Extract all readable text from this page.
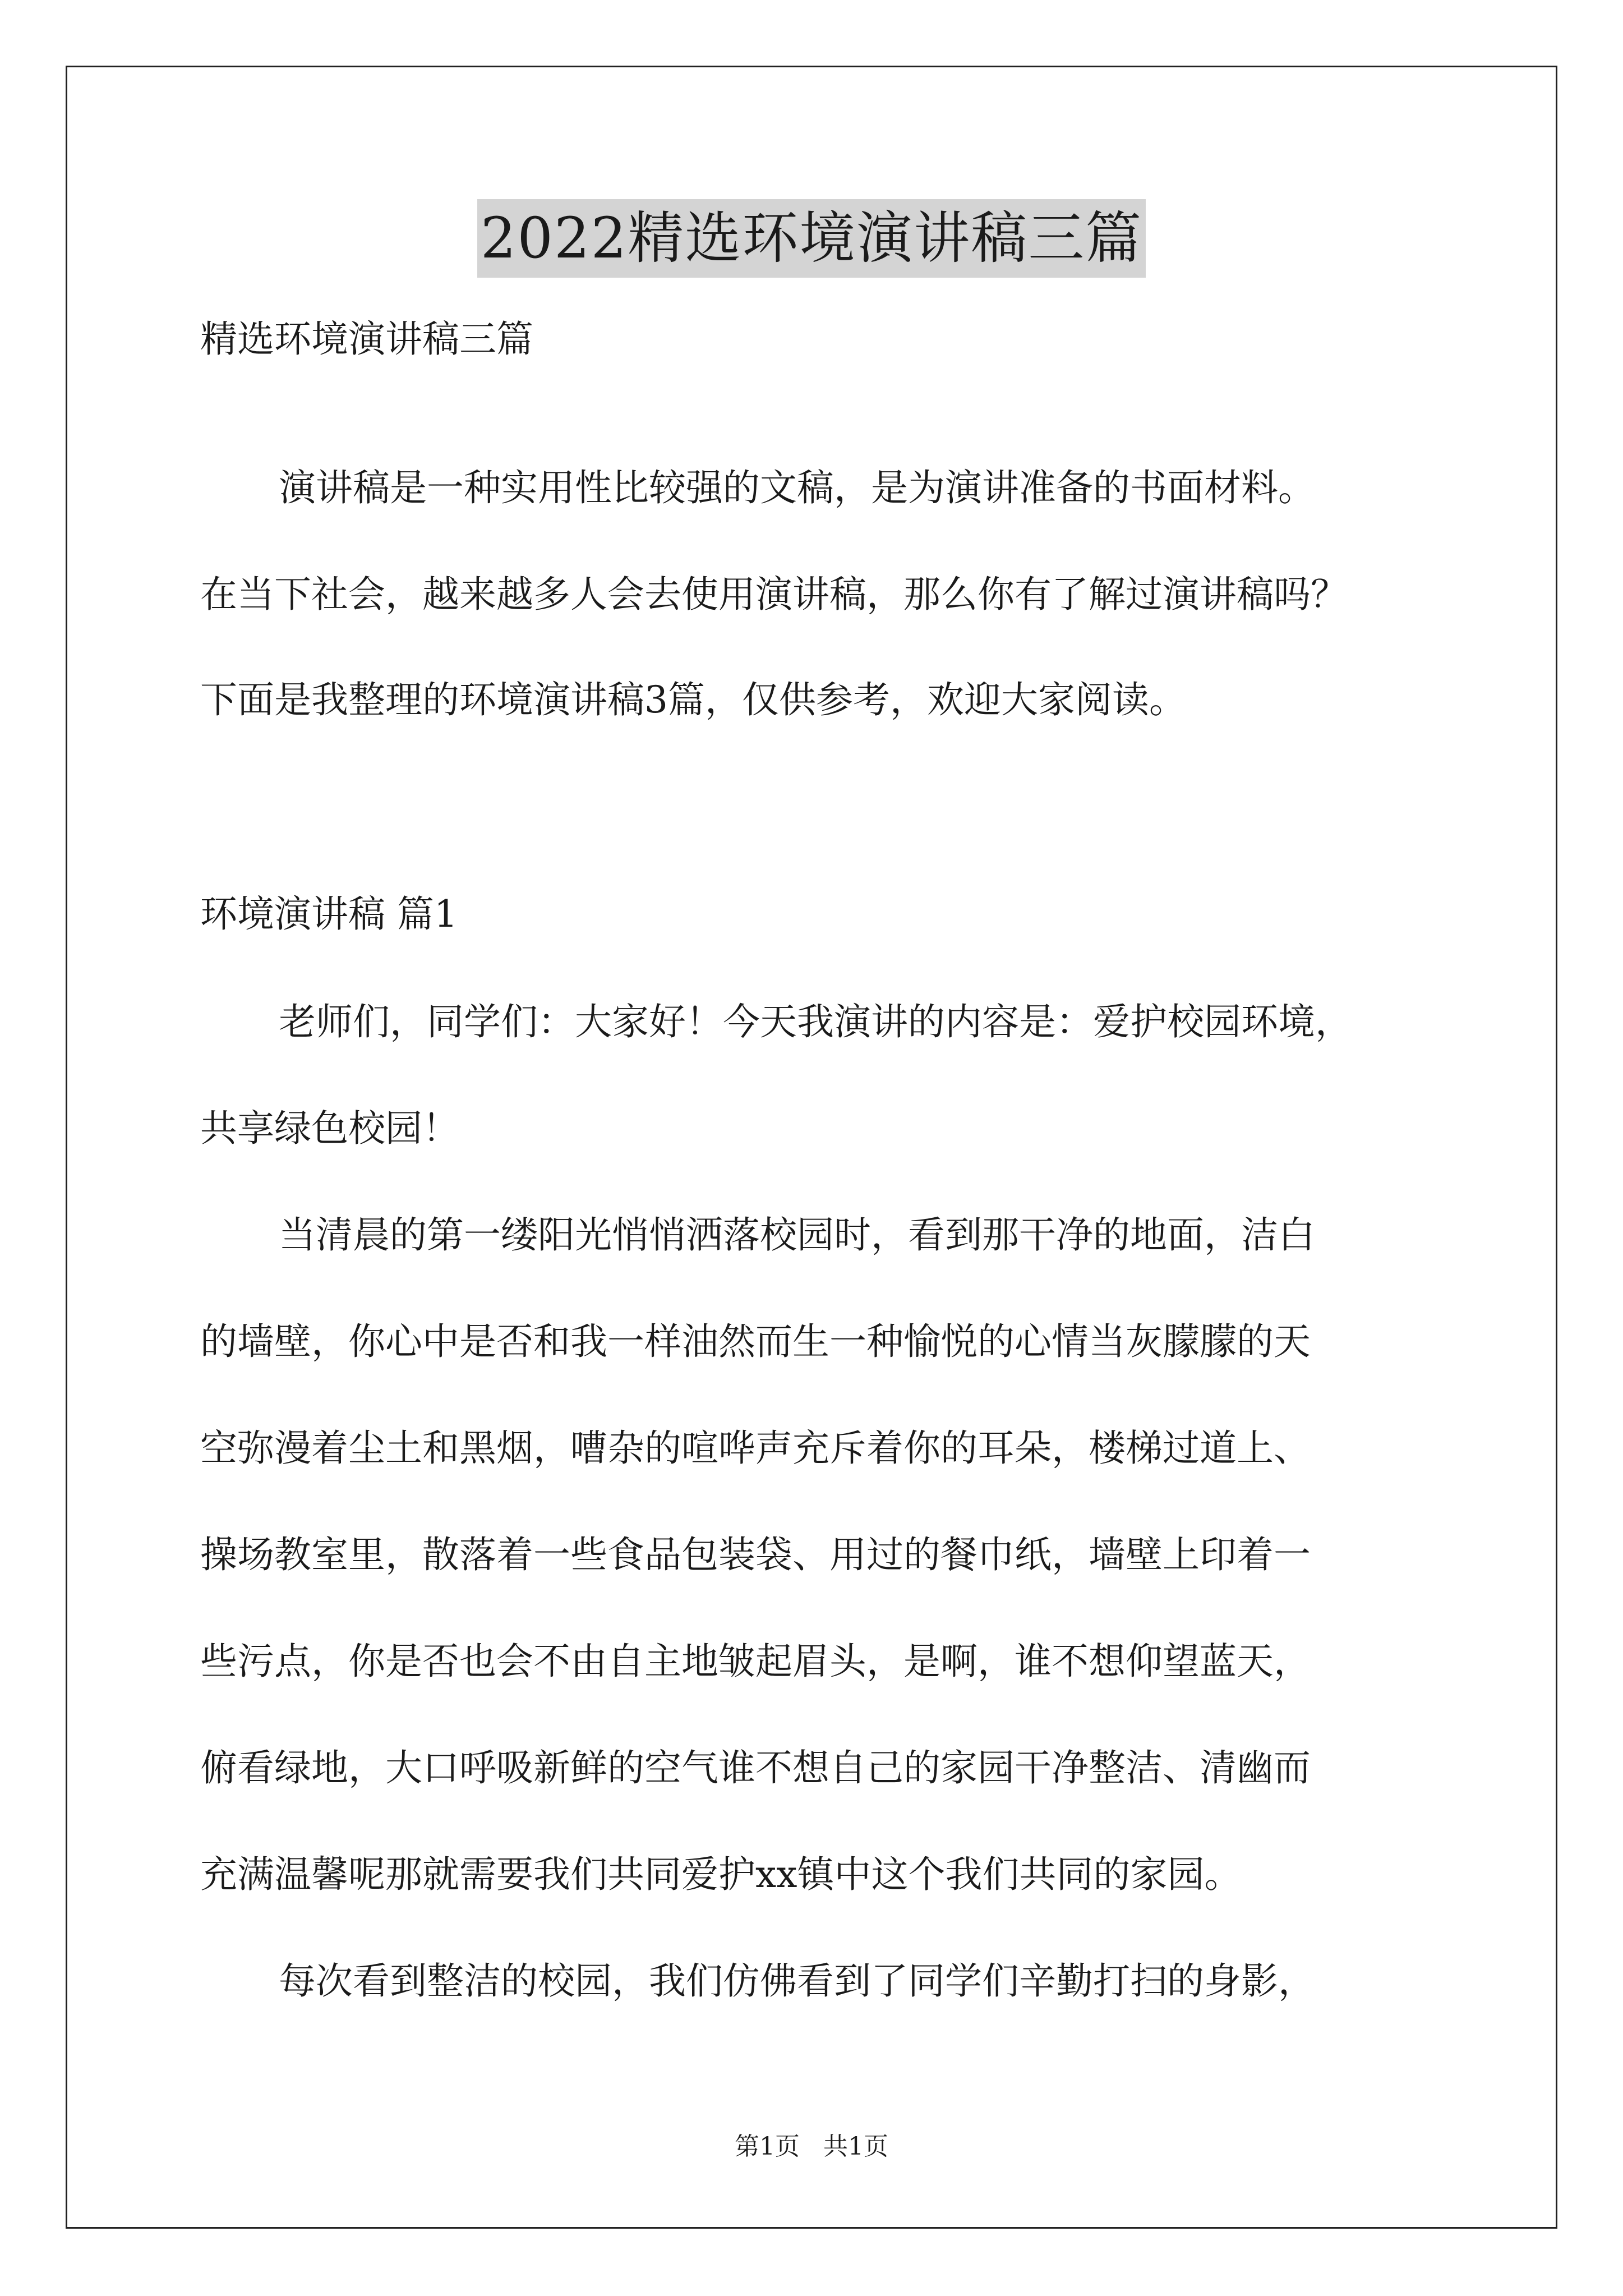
2022精选环境演讲稿三篇
精选环境演讲稿三篇
演讲稿是一种实用性比较强的文稿，是为演讲准备的书面材料。
在当下社会，越来越多人会去使用演讲稿，那么你有了解过演讲稿吗？
下面是我整理的环境演讲稿3篇，仅供参考，欢迎大家阅读。
环境演讲稿 篇1
老师们，同学们：大家好！今天我演讲的内容是：爱护校园环境，
共享绿色校园！
当清晨的第一缕阳光悄悄洒落校园时，看到那干净的地面，洁白
的墙壁，你心中是否和我一样油然而生一种愉悦的心情当灰朦朦的天
空弥漫着尘土和黑烟，嘈杂的喧哗声充斥着你的耳朵，楼梯过道上、
操场教室里，散落着一些食品包装袋、用过的餐巾纸，墙壁上印着一
些污点，你是否也会不由自主地皱起眉头，是啊，谁不想仰望蓝天，
俯看绿地，大口呼吸新鲜的空气谁不想自己的家园干净整洁、清幽而
充满温馨呢那就需要我们共同爱护xx镇中这个我们共同的家园。
每次看到整洁的校园，我们仿佛看到了同学们辛勤打扫的身影，
第1页   共1页
